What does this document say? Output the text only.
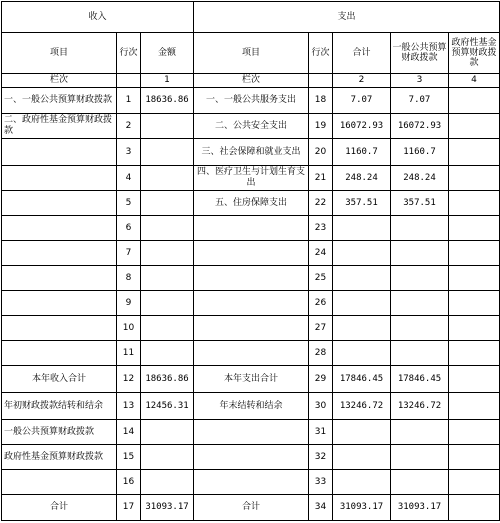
收入			支出				
项目	行次	金额	项目	行次	合计	一般公共预算财政拨款	政府性基金预算财政拨款
栏次		1	栏次		2	3	4
一、一般公共预算财政拨款	1	18636.86	一、一般公共服务支出	18	7.07	7.07	
二、政府性基金预算财政拨款	2		二、公共安全支出	19	16072.93	16072.93	
	3		三、社会保障和就业支出	20	1160.7	1160.7	
	4		四、医疗卫生与计划生育支出	21	248.24	248.24	
	5		五、住房保障支出	22	357.51	357.51	
	6			23			
	7			24			
	8			25			
	9			26			
	10			27			
	11			28			
本年收入合计	12	18636.86	本年支出合计	29	17846.45	17846.45	
年初财政拨款结转和结余	13	12456.31	年末结转和结余	30	13246.72	13246.72	
一般公共预算财政拨款	14			31			
政府性基金预算财政拨款	15			32			
	16			33			
合计	17	31093.17	合计	34	31093.17	31093.17	
